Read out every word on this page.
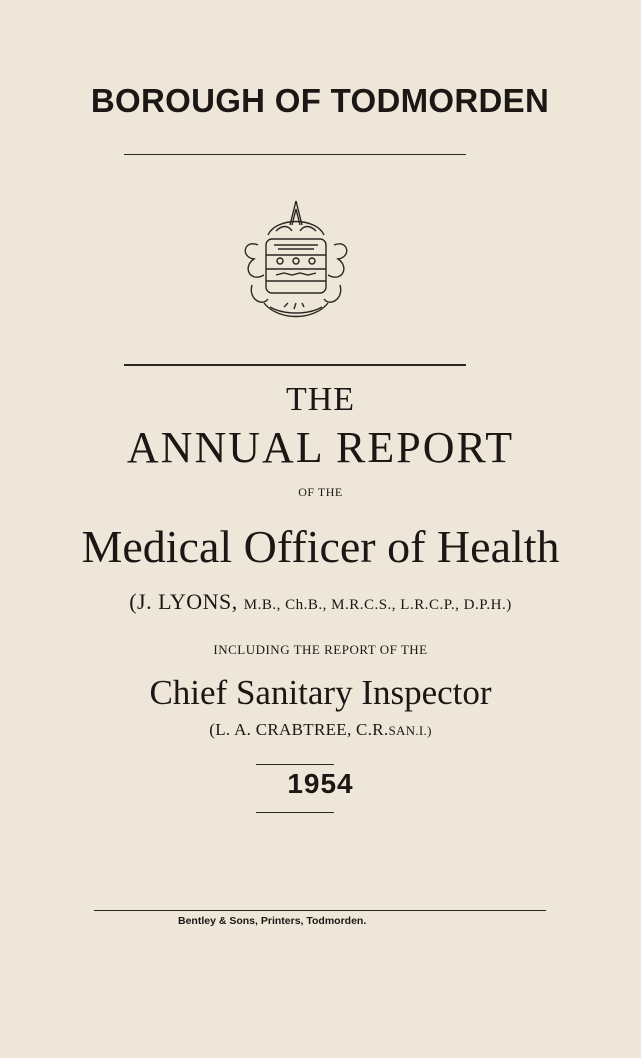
BOROUGH OF TODMORDEN
THE
ANNUAL REPORT
OF THE
Medical Officer of Health
(J. LYONS, M.B., Ch.B., M.R.C.S., L.R.C.P., D.P.H.)
INCLUDING THE REPORT OF THE
Chief Sanitary Inspector
(L. A. CRABTREE, C.R.SAN.I.)
1954
Bentley & Sons, Printers, Todmorden.
